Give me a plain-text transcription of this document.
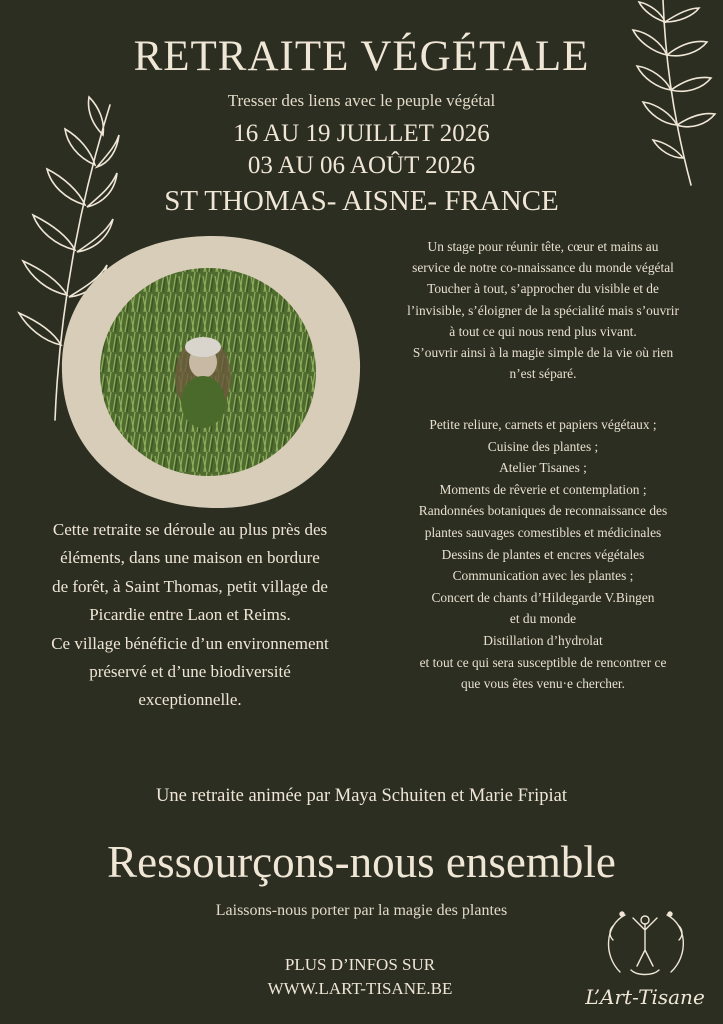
RETRAITE VÉGÉTALE
Tresser des liens avec le peuple végétal
16 AU 19 JUILLET 2026
03 AU 06 AOÛT 2026
ST THOMAS- AISNE- FRANCE
Un stage pour réunir tête, cœur et mains au
service de notre co-nnaissance du monde végétal
Toucher à tout, s’approcher du visible et de
l’invisible, s’éloigner de la spécialité mais s’ouvrir
à tout ce qui nous rend plus vivant.
S’ouvrir ainsi à la magie simple de la vie où rien
n’est séparé.
Petite reliure, carnets et papiers végétaux ;
Cuisine des plantes ;
Atelier Tisanes ;
Moments de rêverie et contemplation ;
Randonnées botaniques de reconnaissance des
plantes sauvages comestibles et médicinales
Dessins de plantes et encres végétales
Communication avec les plantes ;
Concert de chants d’Hildegarde V.Bingen
et du monde
Distillation d’hydrolat
et tout ce qui sera susceptible de rencontrer ce
que vous êtes venu·e chercher.
Cette retraite se déroule au plus près des
éléments, dans une maison en bordure
de forêt, à Saint Thomas, petit village de
Picardie entre Laon et Reims.
Ce village bénéficie d’un environnement
préservé et d’une biodiversité
exceptionnelle.
Une retraite animée par Maya Schuiten et Marie Fripiat
Ressourçons-nous ensemble
Laissons-nous porter par la magie des plantes
PLUS D’INFOS SUR
WWW.LART-TISANE.BE	L’Art-Tisane
